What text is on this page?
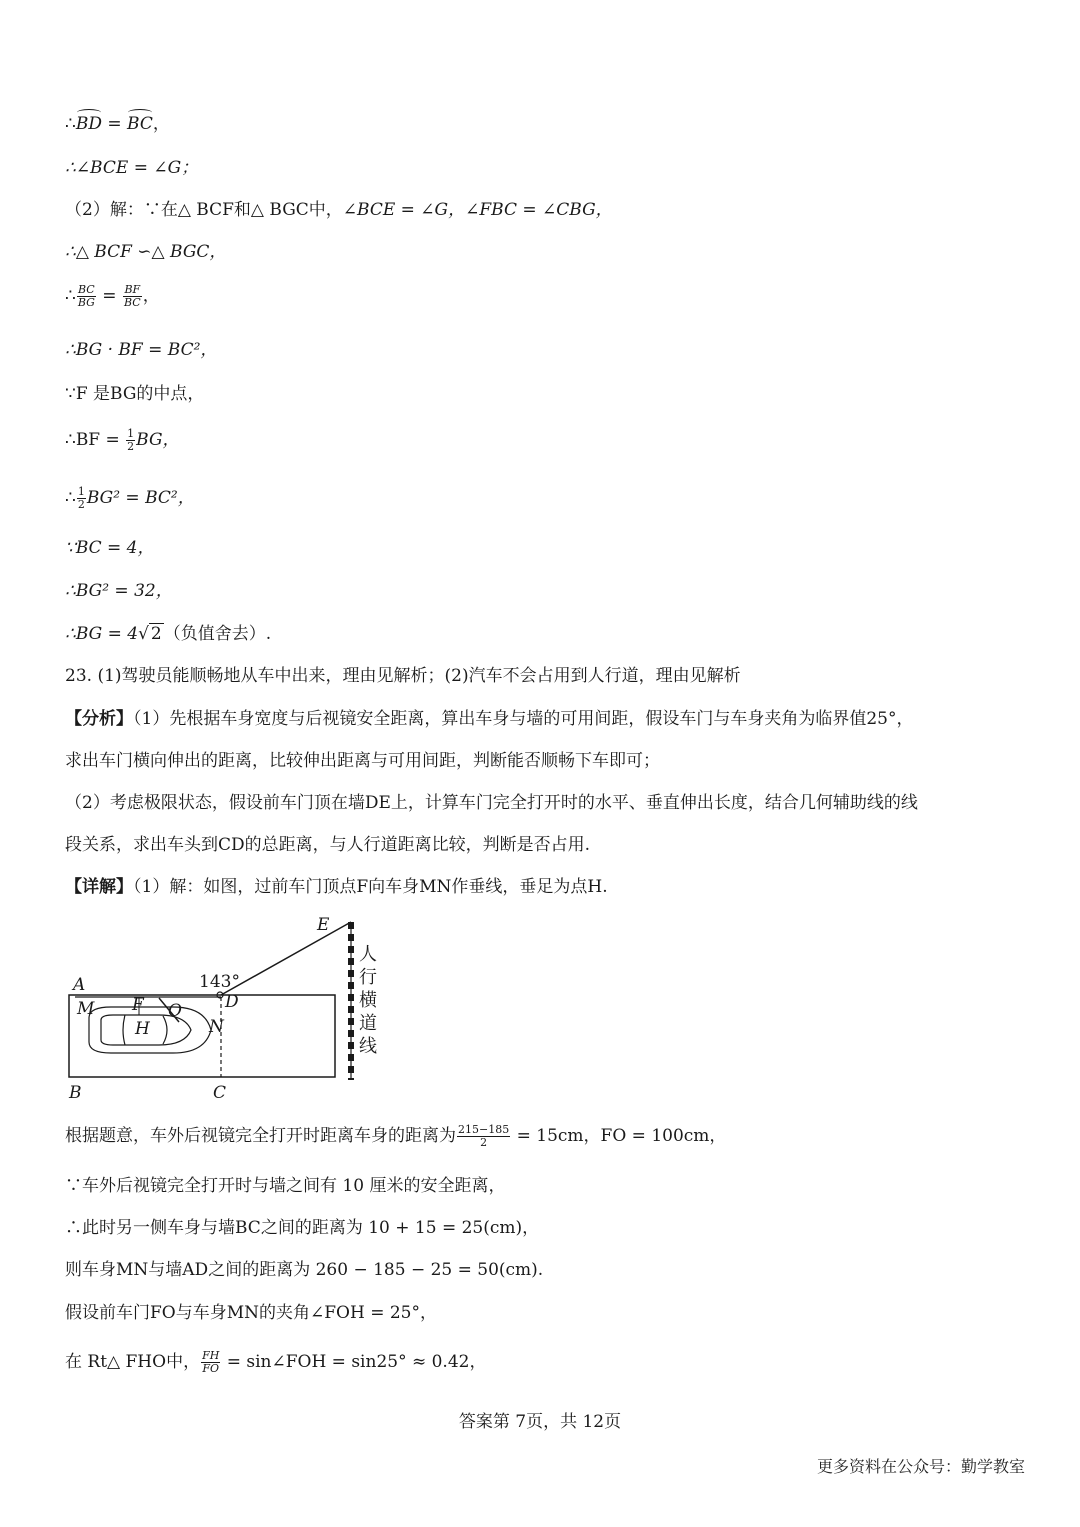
∴BD = BC，
∴∠BCE = ∠G；
（2）解：∵在△ BCF和△ BGC中，∠BCE = ∠G，∠FBC = ∠CBG，
∴△ BCF ∽△ BGC，
∴ $\frac{BC}{BG} = \frac{BF}{BC}$ ，
∴BG · BF = BC²，
∵F 是BG的中点，
∴BF = $\frac{1}{2}$ BG，
∴ $\frac{1}{2} BG^2 = BC^2$，
∵BC = 4，
∴BG² = 32，
∴BG = 4√ 2 （负值舍去）.
23. (1)驾驶员能顺畅地从车中出来，理由见解析；(2)汽车不会占用到人行道，理由见解析
【分析】（1）先根据车身宽度与后视镜安全距离，算出车身与墙的可用间距，假设车门与车身夹角为临界值25°，
求出车门横向伸出的距离，比较伸出距离与可用间距，判断能否顺畅下车即可；
（2）考虑极限状态，假设前车门顶在墙DE上，计算车门完全打开时的水平、垂直伸出长度，结合几何辅助线的线
段关系，求出车头到CD的总距离，与人行道距离比较，判断是否占用.
【详解】（1）解：如图，过前车门顶点F向车身MN作垂线，垂足为点H.
A
B	C
D
E
M
N
F O
H
143°
人
行
横
道
线
根据题意，车外后视镜完全打开时距离车身的距离为 $\frac{215-185}{2} = 15cm$，FO = 100cm，
∵车外后视镜完全打开时与墙之间有 10 厘米的安全距离，
∴此时另一侧车身与墙BC之间的距离为 10 + 15 = 25(cm)，
则车身MN与墙AD之间的距离为 260 − 185 − 25 = 50(cm).
假设前车门FO与车身MN的夹角∠FOH = 25°，
在 Rt△ FHO中， $\frac{FH}{FO}$ = sin∠FOH = sin25° ≈ 0.42，
答案第 7页，共 12页
更多资料在公众号：勤学教室
